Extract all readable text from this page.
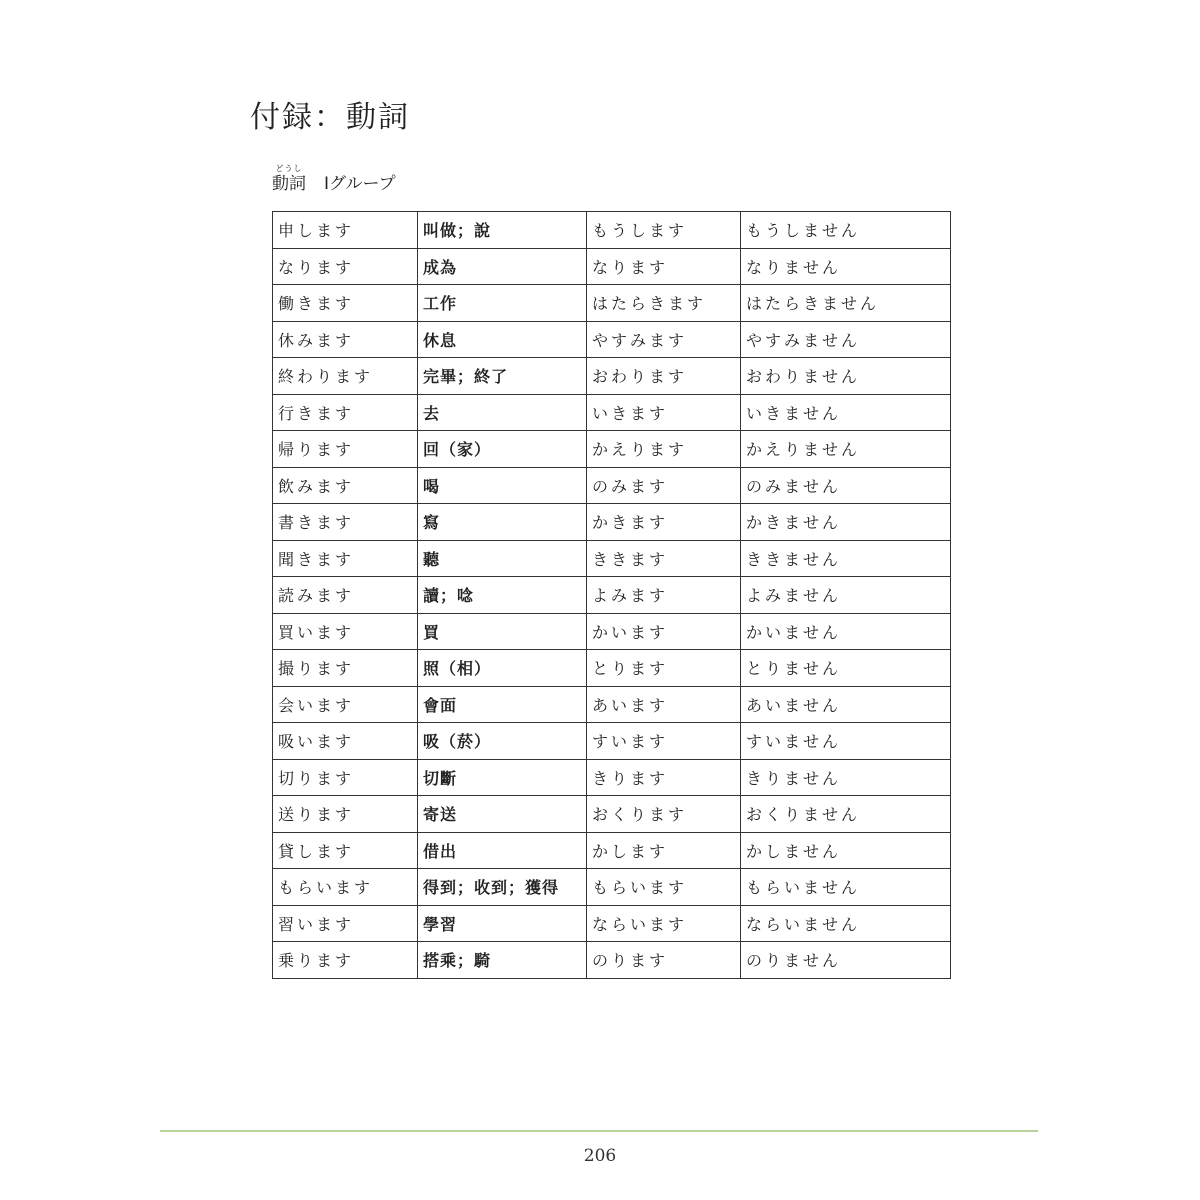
付録：動詞
どうし
動詞 Ⅰグループ
申します	叫做；說	もうします	もうしません
なります	成為	なります	なりません
働きます	工作	はたらきます	はたらきません
休みます	休息	やすみます	やすみません
終わります	完畢；終了	おわります	おわりません
行きます	去	いきます	いきません
帰ります	回（家）	かえります	かえりません
飲みます	喝	のみます	のみません
書きます	寫	かきます	かきません
聞きます	聽	ききます	ききません
読みます	讀；唸	よみます	よみません
買います	買	かいます	かいません
撮ります	照（相）	とります	とりません
会います	會面	あいます	あいません
吸います	吸（菸）	すいます	すいません
切ります	切斷	きります	きりません
送ります	寄送	おくります	おくりません
貸します	借出	かします	かしません
もらいます	得到；收到；獲得	もらいます	もらいません
習います	學習	ならいます	ならいません
乗ります	搭乘；騎	のります	のりません
206
